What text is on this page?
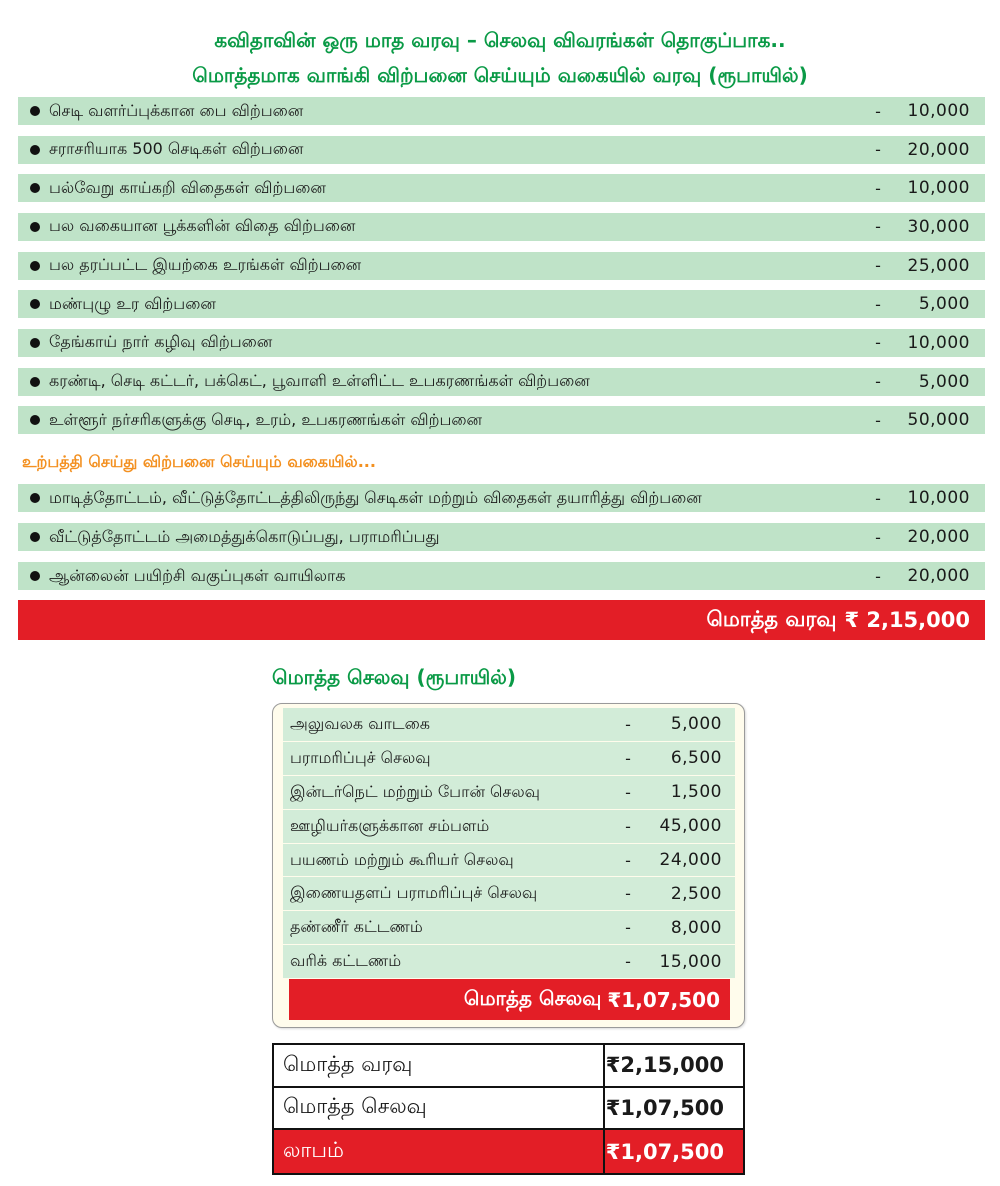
கவிதாவின் ஒரு மாத வரவு – செலவு விவரங்கள் தொகுப்பாக..
மொத்தமாக வாங்கி விற்பனை செய்யும் வகையில் வரவு (ரூபாயில்)
செடி வளர்ப்புக்கான பை விற்பனை	-	10,000
சராசரியாக 500 செடிகள் விற்பனை	-	20,000
பல்வேறு காய்கறி விதைகள் விற்பனை	-	10,000
பல வகையான பூக்களின் விதை விற்பனை	-	30,000
பல தரப்பட்ட இயற்கை உரங்கள் விற்பனை	-	25,000
மண்புழு உர விற்பனை	-	5,000
தேங்காய் நார் கழிவு விற்பனை	-	10,000
கரண்டி, செடி கட்டர், பக்கெட், பூவாளி உள்ளிட்ட உபகரணங்கள் விற்பனை	-	5,000
உள்ளூர் நர்சரிகளுக்கு செடி, உரம், உபகரணங்கள் விற்பனை	-	50,000
உற்பத்தி செய்து விற்பனை செய்யும் வகையில்...
மாடித்தோட்டம், வீட்டுத்தோட்டத்திலிருந்து செடிகள் மற்றும் விதைகள் தயாரித்து விற்பனை	-	10,000
வீட்டுத்தோட்டம் அமைத்துக்கொடுப்பது, பராமரிப்பது	-	20,000
ஆன்லைன் பயிற்சி வகுப்புகள் வாயிலாக	-	20,000
மொத்த வரவு ₹ 2,15,000
மொத்த செலவு (ரூபாயில்)
அலுவலக வாடகை	-	5,000
பராமரிப்புச் செலவு	-	6,500
இன்டர்நெட் மற்றும் போன் செலவு	-	1,500
ஊழியர்களுக்கான சம்பளம்	-	45,000
பயணம் மற்றும் கூரியர் செலவு	-	24,000
இணையதளப் பராமரிப்புச் செலவு	-	2,500
தண்ணீர் கட்டணம்	-	8,000
வரிக் கட்டணம்	-	15,000
மொத்த செலவு ₹1,07,500
மொத்த வரவு	₹2,15,000
மொத்த செலவு	₹1,07,500
லாபம்	₹1,07,500
